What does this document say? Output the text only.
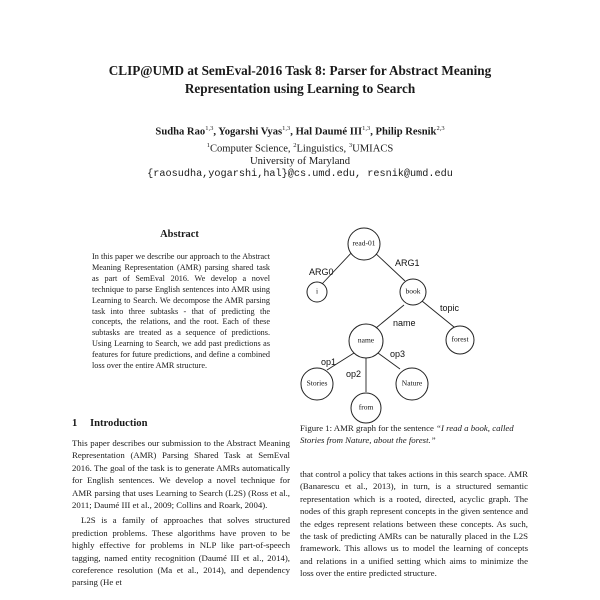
CLIP@UMD at SemEval-2016 Task 8: Parser for Abstract Meaning
Representation using Learning to Search
Sudha Rao$^{1,3}$, Yogarshi Vyas$^{1,3}$, Hal Daumé III$^{1,3}$, Philip Resnik$^{2,3}$
$^1$Computer Science, $^2$Linguistics, $^3$UMIACS
University of Maryland
{raosudha,yogarshi,hal}@cs.umd.edu, resnik@umd.edu
Abstract
In this paper we describe our approach to the Abstract Meaning Representation (AMR) parsing shared task as part of SemEval 2016. We develop a novel technique to parse English sentences into AMR using Learning to Search. We decompose the AMR parsing task into three subtasks - that of predicting the concepts, the relations, and the root. Each of these subtasks are treated as a sequence of predictions. Using Learning to Search, we add past predictions as features for future predictions, and define a combined loss over the entire AMR structure.
1 Introduction

This paper describes our submission to the Abstract Meaning Representation (AMR) Parsing Shared Task at SemEval 2016. The goal of the task is to generate AMRs automatically for English sentences. We develop a novel technique for AMR parsing that uses Learning to Search (L2S) (Ross et al., 2011; Daumé III et al., 2009; Collins and Roark, 2004).

L2S is a family of approaches that solves structured prediction problems. These algorithms have proven to be highly effective for problems in NLP like part-of-speech tagging, named entity recognition (Daumé III et al., 2014), coreference resolution (Ma et al., 2014), and dependency parsing (He et

ARG0
ARG1
topic
name
op1
op2
op3
read-01
i	book
name	forest
Stories
from
Nature
Figure 1: AMR graph for the sentence “I read a book, called Stories from Nature, about the forest.”
that control a policy that takes actions in this search space. AMR (Banarescu et al., 2013), in turn, is a structured semantic representation which is a rooted, directed, acyclic graph. The nodes of this graph represent concepts in the given sentence and the edges represent relations between these concepts. As such, the task of predicting AMRs can be naturally placed in the L2S framework. This allows us to model the learning of concepts and relations in a unified setting which aims to minimize the loss over the entire predicted structure.
